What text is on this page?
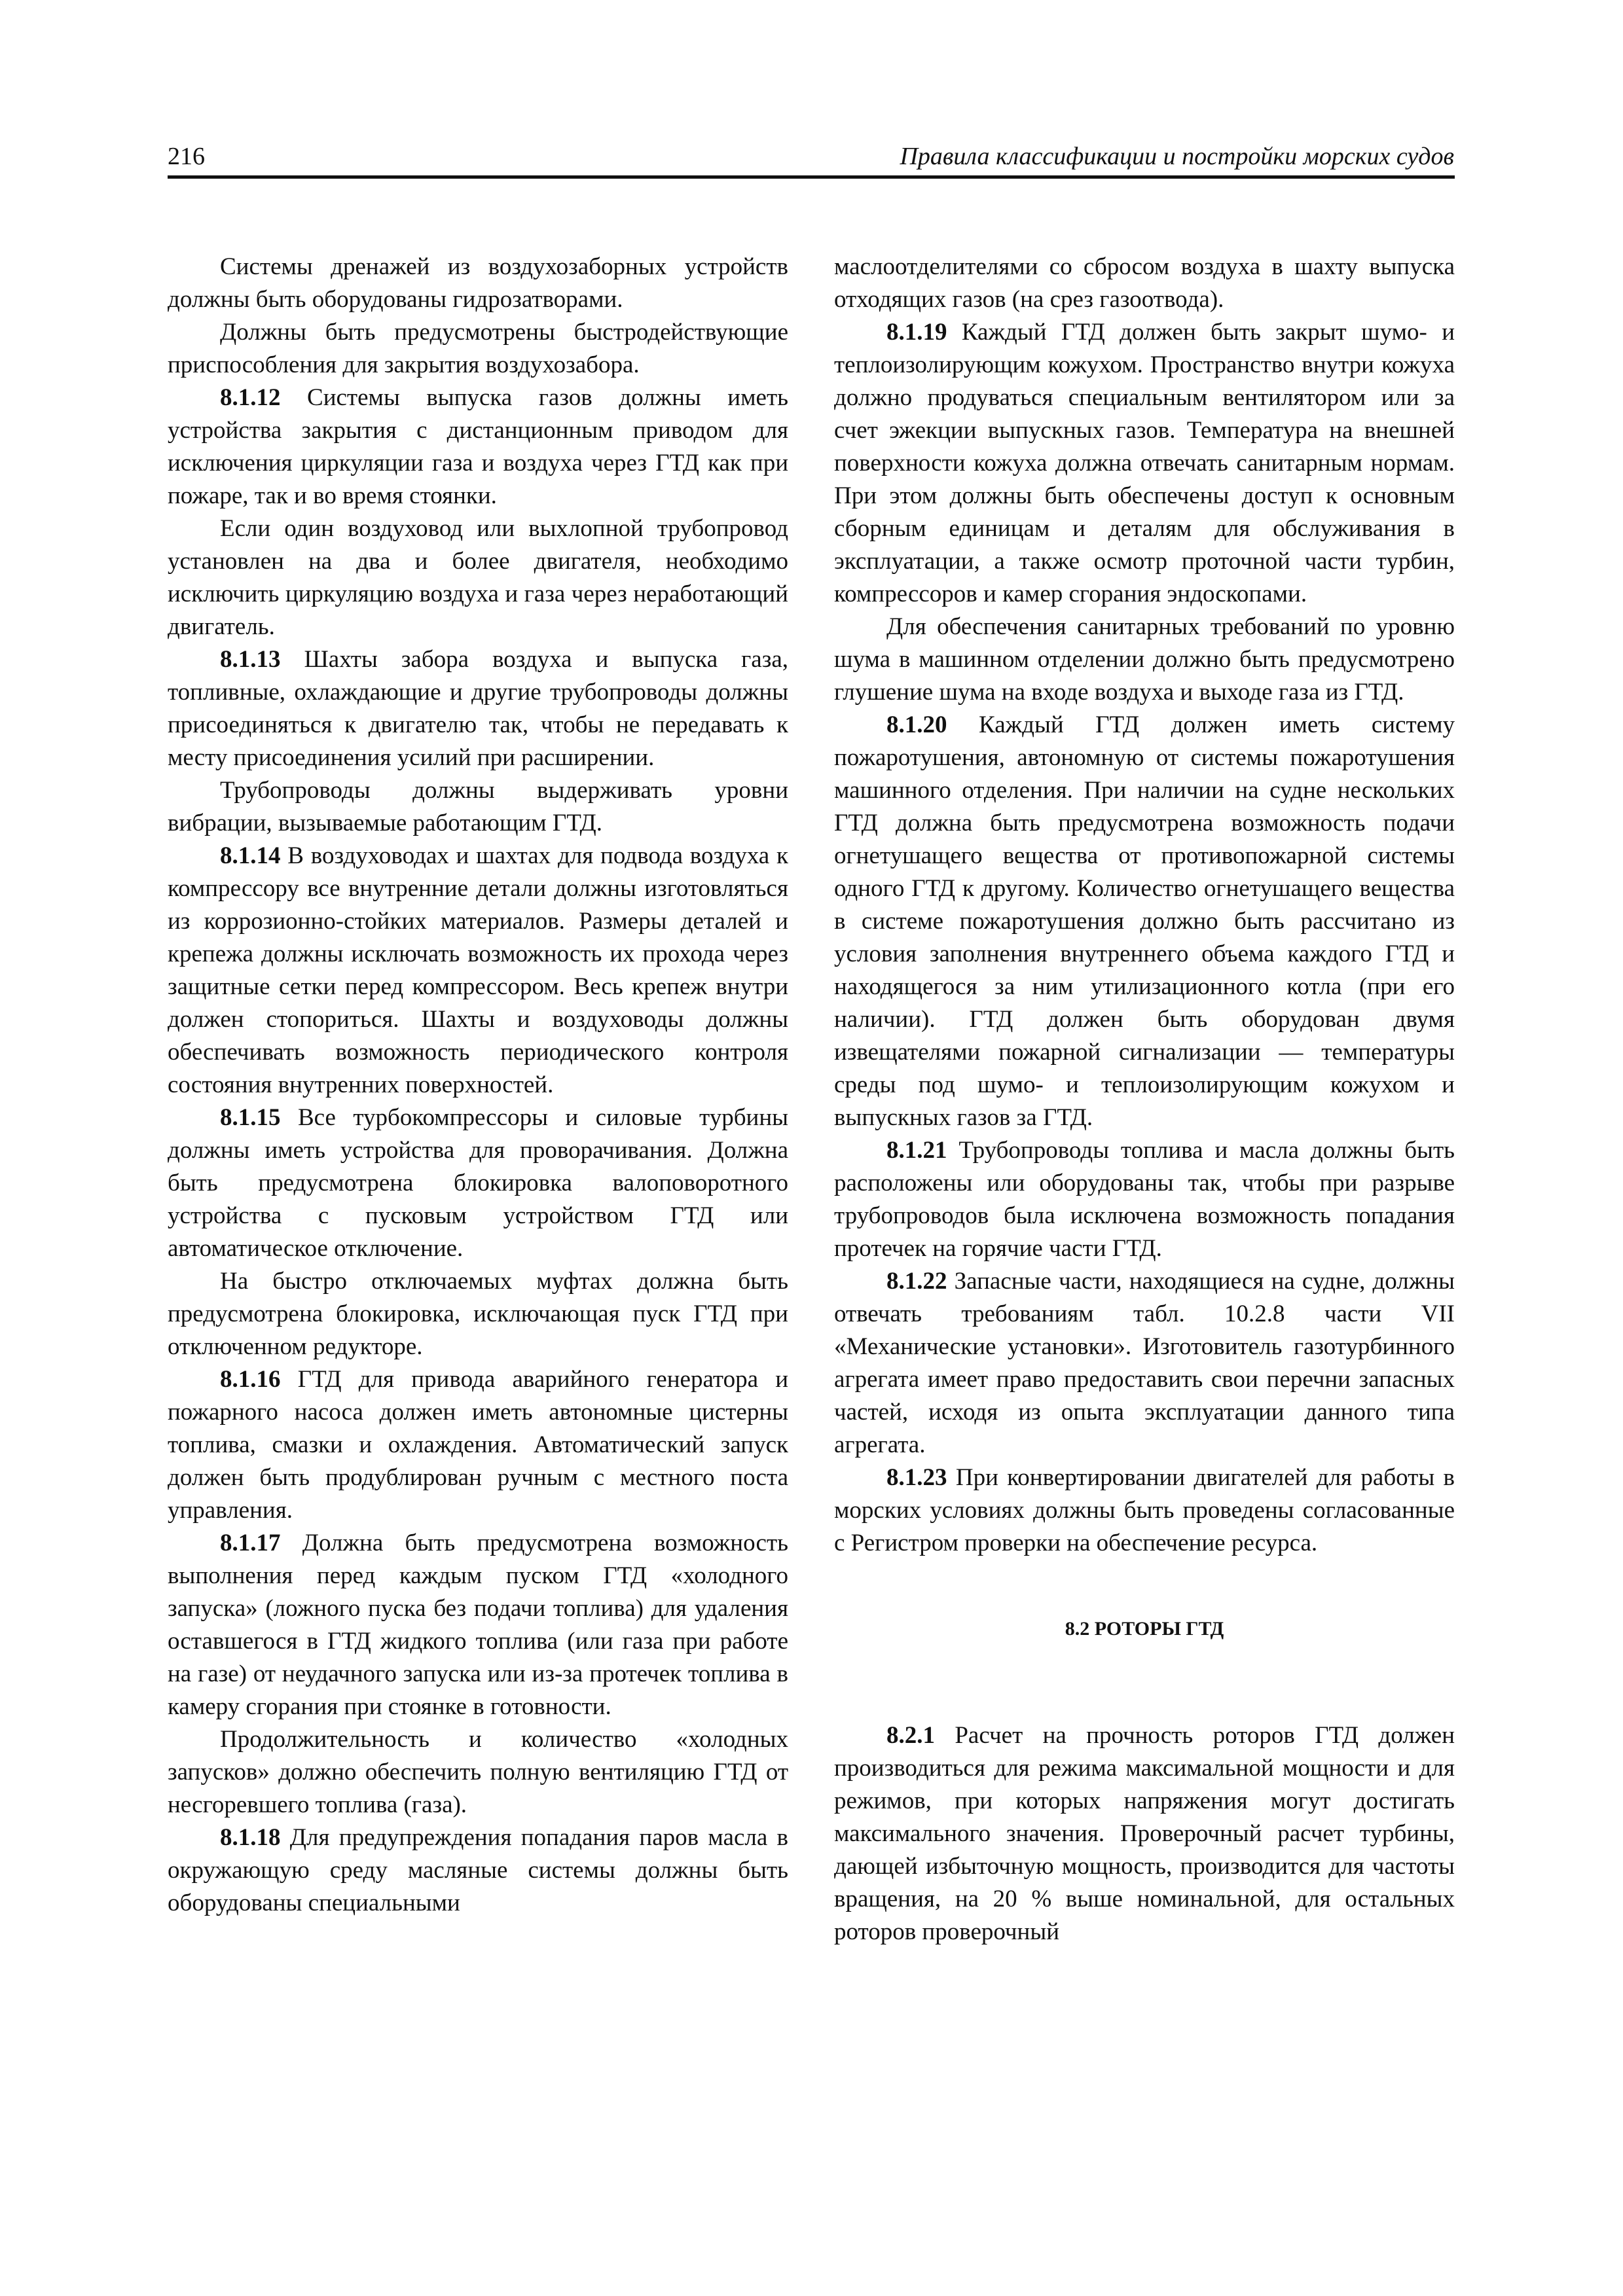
216	Правила классификации и постройки морских судов

Системы дренажей из воздухозаборных устройств должны быть оборудованы гидрозатворами.

Должны быть предусмотрены быстродействующие приспособления для закрытия воздухозабора.

8.1.12 Системы выпуска газов должны иметь устройства закрытия с дистанционным приводом для исключения циркуляции газа и воздуха через ГТД как при пожаре, так и во время стоянки.

Если один воздуховод или выхлопной трубопровод установлен на два и более двигателя, необходимо исключить циркуляцию воздуха и газа через неработающий двигатель.

8.1.13 Шахты забора воздуха и выпуска газа, топливные, охлаждающие и другие трубопроводы должны присоединяться к двигателю так, чтобы не передавать к месту присоединения усилий при расширении.

Трубопроводы должны выдерживать уровни вибрации, вызываемые работающим ГТД.

8.1.14 В воздуховодах и шахтах для подвода воздуха к компрессору все внутренние детали должны изготовляться из коррозионно-стойких материалов. Размеры деталей и крепежа должны исключать возможность их прохода через защитные сетки перед компрессором. Весь крепеж внутри должен стопориться. Шахты и воздуховоды должны обеспечивать возможность периодического контроля состояния внутренних поверхностей.

8.1.15 Все турбокомпрессоры и силовые турбины должны иметь устройства для проворачивания. Должна быть предусмотрена блокировка валоповоротного устройства с пусковым устройством ГТД или автоматическое отключение.

На быстро отключаемых муфтах должна быть предусмотрена блокировка, исключающая пуск ГТД при отключенном редукторе.

8.1.16 ГТД для привода аварийного генератора и пожарного насоса должен иметь автономные цистерны топлива, смазки и охлаждения. Автоматический запуск должен быть продублирован ручным с местного поста управления.

8.1.17 Должна быть предусмотрена возможность выполнения перед каждым пуском ГТД «холодного запуска» (ложного пуска без подачи топлива) для удаления оставшегося в ГТД жидкого топлива (или газа при работе на газе) от неудачного запуска или из-за протечек топлива в камеру сгорания при стоянке в готовности.

Продолжительность и количество «холодных запусков» должно обеспечить полную вентиляцию ГТД от несгоревшего топлива (газа).

8.1.18 Для предупреждения попадания паров масла в окружающую среду масляные системы должны быть оборудованы специальными

маслоотделителями со сбросом воздуха в шахту выпуска отходящих газов (на срез газоотвода).

8.1.19 Каждый ГТД должен быть закрыт шумо- и теплоизолирующим кожухом. Пространство внутри кожуха должно продуваться специальным вентилятором или за счет эжекции выпускных газов. Температура на внешней поверхности кожуха должна отвечать санитарным нормам. При этом должны быть обеспечены доступ к основным сборным единицам и деталям для обслуживания в эксплуатации, а также осмотр проточной части турбин, компрессоров и камер сгорания эндоскопами.

Для обеспечения санитарных требований по уровню шума в машинном отделении должно быть предусмотрено глушение шума на входе воздуха и выходе газа из ГТД.

8.1.20 Каждый ГТД должен иметь систему пожаротушения, автономную от системы пожаротушения машинного отделения. При наличии на судне нескольких ГТД должна быть предусмотрена возможность подачи огнетушащего вещества от противопожарной системы одного ГТД к другому. Количество огнетушащего вещества в системе пожаротушения должно быть рассчитано из условия заполнения внутреннего объема каждого ГТД и находящегося за ним утилизационного котла (при его наличии). ГТД должен быть оборудован двумя извещателями пожарной сигнализации — температуры среды под шумо- и теплоизолирующим кожухом и выпускных газов за ГТД.

8.1.21 Трубопроводы топлива и масла должны быть расположены или оборудованы так, чтобы при разрыве трубопроводов была исключена возможность попадания протечек на горячие части ГТД.

8.1.22 Запасные части, находящиеся на судне, должны отвечать требованиям табл. 10.2.8 части VII «Механические установки». Изготовитель газотурбинного агрегата имеет право предоставить свои перечни запасных частей, исходя из опыта эксплуатации данного типа агрегата.

8.1.23 При конвертировании двигателей для работы в морских условиях должны быть проведены согласованные с Регистром проверки на обеспечение ресурса.

8.2 РОТОРЫ ГТД

8.2.1 Расчет на прочность роторов ГТД должен производиться для режима максимальной мощности и для режимов, при которых напряжения могут достигать максимального значения. Проверочный расчет турбины, дающей избыточную мощность, производится для частоты вращения, на 20 % выше номинальной, для остальных роторов проверочный
